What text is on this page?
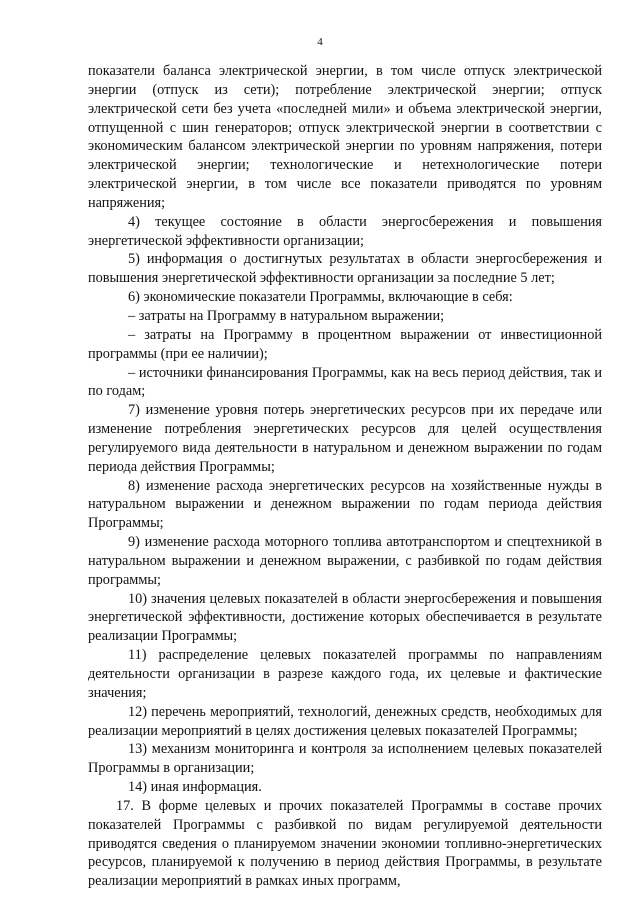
4

показатели баланса электрической энергии, в том числе отпуск электрической энергии (отпуск из сети); потребление электрической энергии; отпуск электрической сети без учета «последней мили» и объема электрической энергии, отпущенной с шин генераторов; отпуск электрической энергии в соответствии с экономическим балансом электрической энергии по уровням напряжения, потери электрической энергии; технологические и нетехнологические потери электрической энергии, в том числе все показатели приводятся по уровням напряжения;

4) текущее состояние в области энергосбережения и повышения энергетической эффективности организации;

5) информация о достигнутых результатах в области энергосбережения и повышения энергетической эффективности организации за последние 5 лет;

6) экономические показатели Программы, включающие в себя:

– затраты на Программу в натуральном выражении;

– затраты на Программу в процентном выражении от инвестиционной программы (при ее наличии);

– источники финансирования Программы, как на весь период действия, так и по годам;

7) изменение уровня потерь энергетических ресурсов при их передаче или изменение потребления энергетических ресурсов для целей осуществления регулируемого вида деятельности в натуральном и денежном выражении по годам периода действия Программы;

8) изменение расхода энергетических ресурсов на хозяйственные нужды в натуральном выражении и денежном выражении по годам периода действия Программы;

9) изменение расхода моторного топлива автотранспортом и спецтехникой в натуральном выражении и денежном выражении, с разбивкой по годам действия программы;

10) значения целевых показателей в области энергосбережения и повышения энергетической эффективности, достижение которых обеспечивается в результате реализации Программы;

11) распределение целевых показателей программы по направлениям деятельности организации в разрезе каждого года, их целевые и фактические значения;

12) перечень мероприятий, технологий, денежных средств, необходимых для реализации мероприятий в целях достижения целевых показателей Программы;

13) механизм мониторинга и контроля за исполнением целевых показателей Программы в организации;

14) иная информация.

17. В форме целевых и прочих показателей Программы в составе прочих показателей Программы с разбивкой по видам регулируемой деятельности приводятся сведения о планируемом значении экономии топливно-энергетических ресурсов, планируемой к получению в период действия Программы, в результате реализации мероприятий в рамках иных программ,
